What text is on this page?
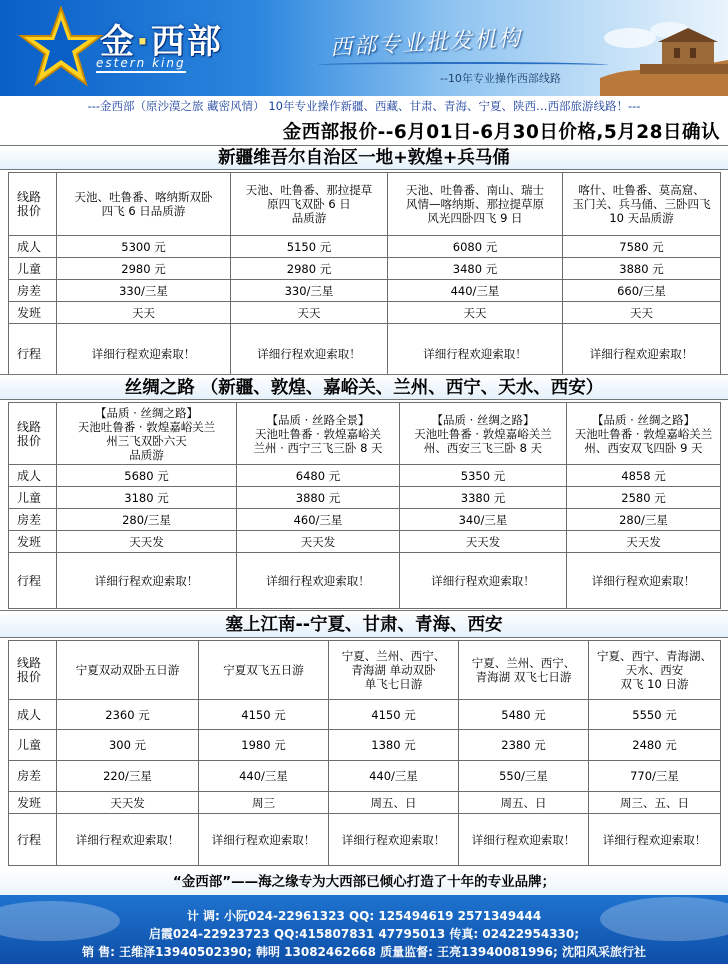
金·西部
estern king
西部专业批发机构
--10年专业操作西部线路
---金西部（原沙漠之旅 藏密风情） 10年专业操作新疆、西藏、甘肃、青海、宁夏、陕西…西部旅游线路！---
金西部报价--6月01日-6月30日价格,5月28日确认
新疆维吾尔自治区一地+敦煌+兵马俑
线路
报价	天池、吐鲁番、喀纳斯双卧
四飞 6 日品质游	天池、吐鲁番、那拉提草
原四飞双卧 6 日
品质游	天池、吐鲁番、南山、瑞士
风情—喀纳斯、那拉提草原
风光四卧四飞 9 日	喀什、吐鲁番、莫高窟、
玉门关、兵马俑、三卧四飞
10 天品质游
成人	5300 元	5150 元	6080 元	7580 元
儿童	2980 元	2980 元	3480 元	3880 元
房差	330/三星	330/三星	440/三星	660/三星
发班	天天	天天	天天	天天
行程	详细行程欢迎索取！	详细行程欢迎索取！	详细行程欢迎索取！	详细行程欢迎索取！
丝绸之路 （新疆、敦煌、嘉峪关、兰州、西宁、天水、西安）
线路
报价	【品质 · 丝绸之路】
天池吐鲁番 · 敦煌嘉峪关兰
州三飞双卧六天
品质游	【品质 · 丝路全景】
天池吐鲁番 · 敦煌嘉峪关
兰州 · 西宁三飞三卧 8 天	【品质 · 丝绸之路】
天池吐鲁番 · 敦煌嘉峪关兰
州、西安三飞三卧 8 天	【品质 · 丝绸之路】
天池吐鲁番 · 敦煌嘉峪关兰
州、西安双飞四卧 9 天
成人	5680 元	6480 元	5350 元	4858 元
儿童	3180 元	3880 元	3380 元	2580 元
房差	280/三星	460/三星	340/三星	280/三星
发班	天天发	天天发	天天发	天天发
行程	详细行程欢迎索取！	详细行程欢迎索取！	详细行程欢迎索取！	详细行程欢迎索取！
塞上江南--宁夏、甘肃、青海、西安
线路
报价	宁夏双动双卧五日游	宁夏双飞五日游	宁夏、兰州、西宁、
青海湖 单动双卧
单飞七日游	宁夏、兰州、西宁、
青海湖 双飞七日游	宁夏、西宁、青海湖、
天水、西安
双飞 10 日游
成人	2360 元	4150 元	4150 元	5480 元	5550 元
儿童	300 元	1980 元	1380 元	2380 元	2480 元
房差	220/三星	440/三星	440/三星	550/三星	770/三星
发班	天天发	周三	周五、日	周五、日	周三、五、日
行程	详细行程欢迎索取！	详细行程欢迎索取！	详细行程欢迎索取！	详细行程欢迎索取！	详细行程欢迎索取！
“金西部”——海之缘专为大西部已倾心打造了十年的专业品牌；
计 调: 小阮024-22961323 QQ: 125494619 2571349444
启霞024-22923723 QQ:415807831 47795013 传真: 02422954330;
销 售: 王维泽13940502390; 韩明 13082462668 质量监督: 王亮13940081996; 沈阳风采旅行社
